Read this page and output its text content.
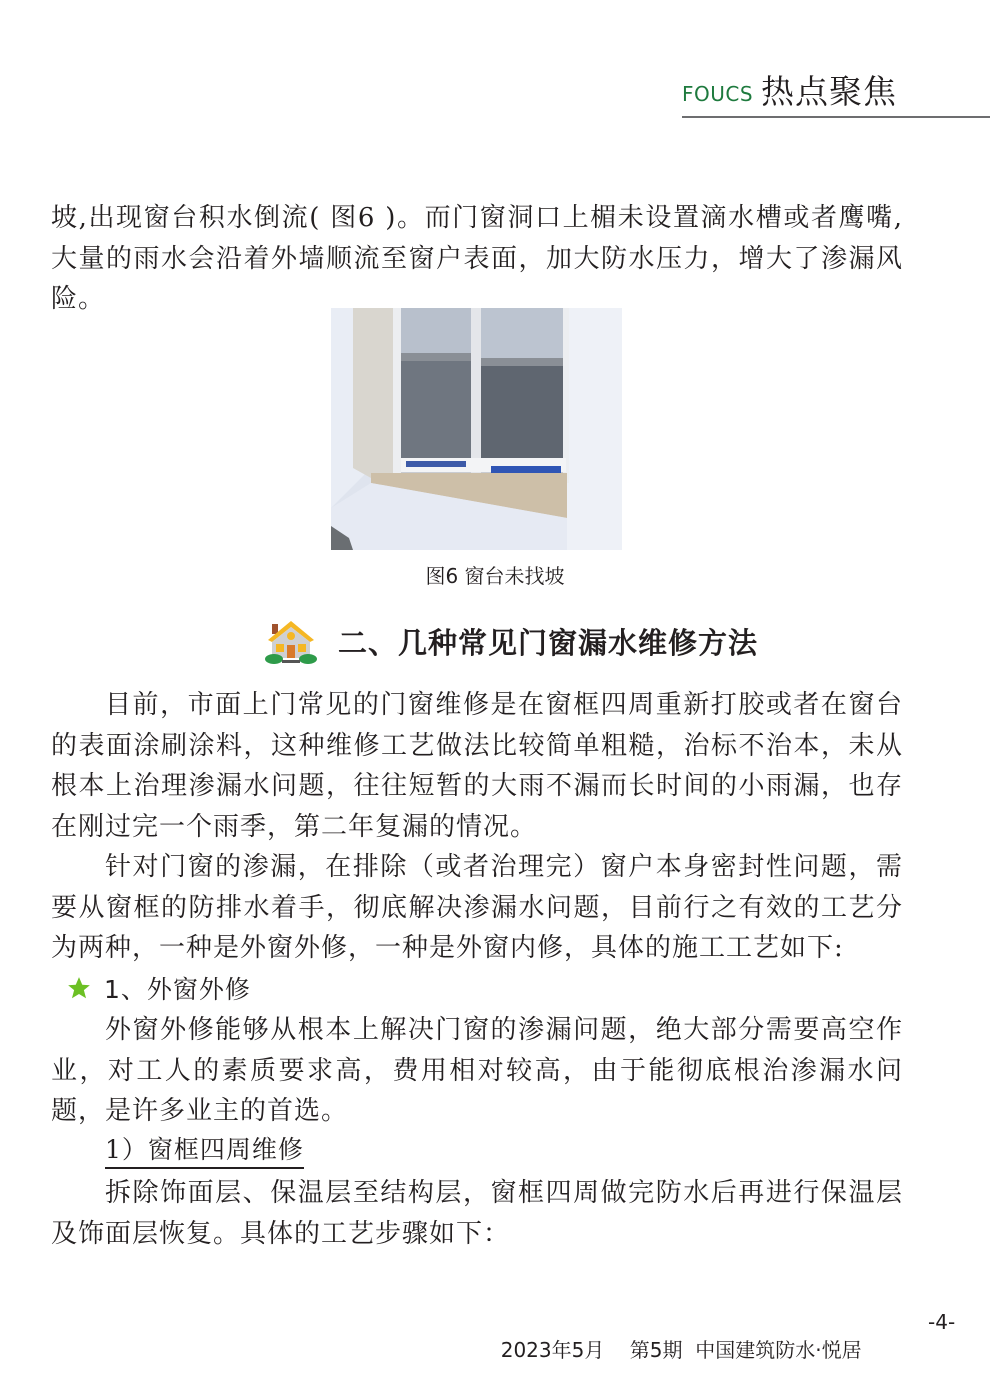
FOUCS 热点聚焦

坡,出现窗台积水倒流( 图6 )。而门窗洞口上楣未设置滴水槽或者鹰嘴,大量的雨水会沿着外墙顺流至窗户表面，加大防水压力，增大了渗漏风险。

图6 窗台未找坡
二、几种常见门窗漏水维修方法

目前，市面上门常见的门窗维修是在窗框四周重新打胶或者在窗台的表面涂刷涂料，这种维修工艺做法比较简单粗糙，治标不治本，未从根本上治理渗漏水问题，往往短暂的大雨不漏而长时间的小雨漏，也存在刚过完一个雨季，第二年复漏的情况。

针对门窗的渗漏，在排除（或者治理完）窗户本身密封性问题，需要从窗框的防排水着手，彻底解决渗漏水问题，目前行之有效的工艺分为两种，一种是外窗外修，一种是外窗内修，具体的施工工艺如下:

1、外窗外修

外窗外修能够从根本上解决门窗的渗漏问题，绝大部分需要高空作业，对工人的素质要求高，费用相对较高，由于能彻底根治渗漏水问题，是许多业主的首选。

1）窗框四周维修

拆除饰面层、保温层至结构层，窗框四周做完防水后再进行保温层及饰面层恢复。具体的工艺步骤如下：

2023年5月    第5期  中国建筑防水·悦居

-4-
